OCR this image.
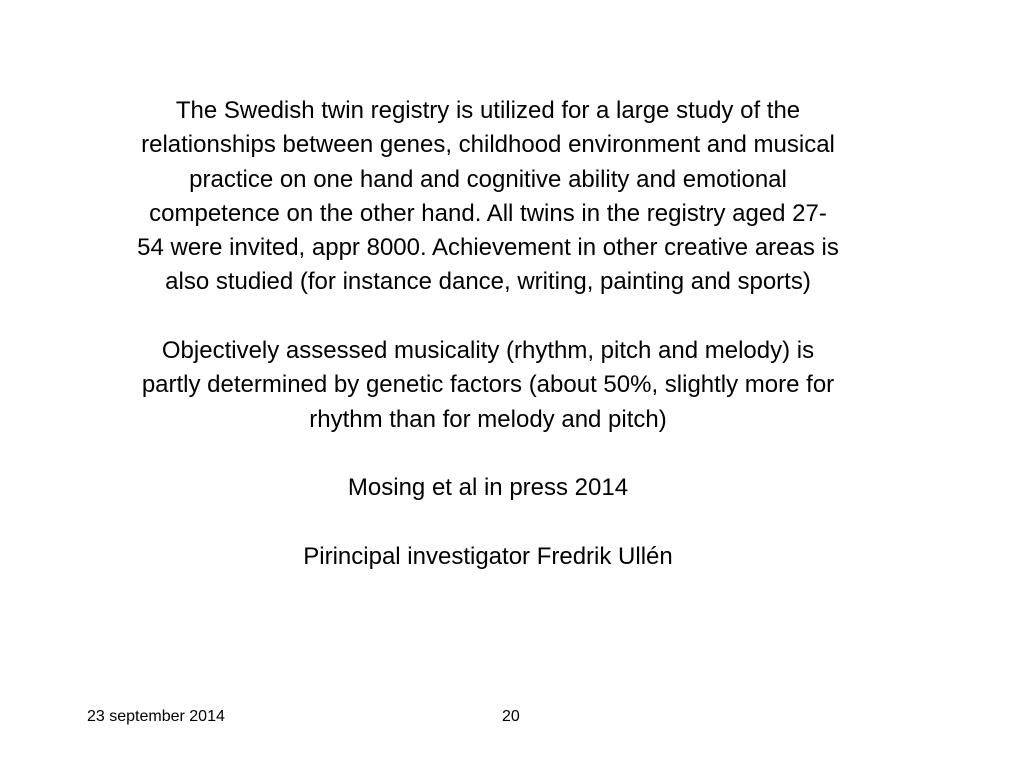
The Swedish twin registry is utilized for a large study of the
relationships between genes, childhood environment and musical
practice on one hand and cognitive ability and emotional
competence on the other hand. All twins in the registry aged 27-
54 were invited, appr 8000. Achievement in other creative areas is
also studied (for instance dance, writing, painting and sports)

Objectively assessed musicality (rhythm, pitch and melody) is
partly determined by genetic factors (about 50%, slightly more for
rhythm than for melody and pitch)

Mosing et al in press 2014

Pirincipal investigator Fredrik Ullén

23 september 2014	20
